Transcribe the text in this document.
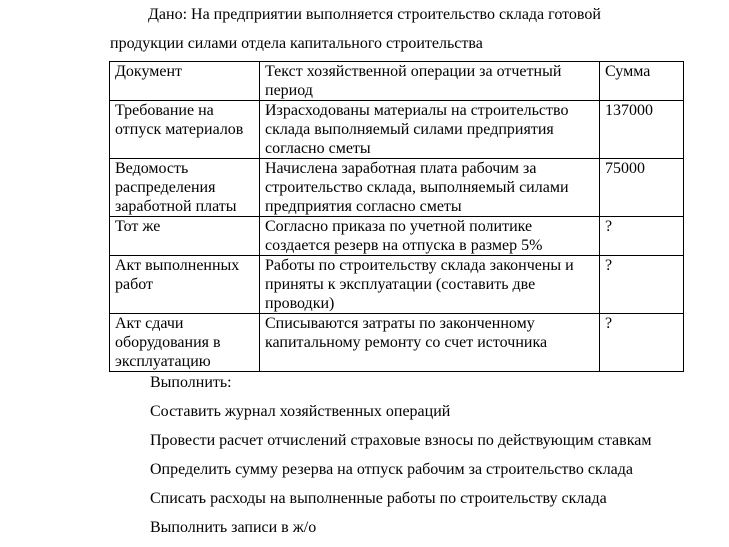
Дано: На предприятии выполняется строительство склада готовой
продукции силами отдела капитального строительства
Документ	Текст хозяйственной операции за отчетный период	Сумма
Требование на отпуск материалов	Израсходованы материалы на строительство склада выполняемый силами предприятия согласно сметы	137000
Ведомость распределения заработной платы	Начислена заработная плата рабочим за строительство склада, выполняемый силами предприятия согласно сметы	75000
Тот же	Согласно приказа по учетной политике создается резерв на отпуска в размер 5%	?
Акт выполненных работ	Работы по строительству склада закончены и приняты к эксплуатации (составить две проводки)	?
Акт сдачи оборудования в эксплуатацию	Списываются затраты по законченному капитальному ремонту со счет источника	?
Выполнить:
Составить журнал хозяйственных операций
Провести расчет отчислений страховые взносы по действующим ставкам
Определить сумму резерва на отпуск рабочим за строительство склада
Списать расходы на выполненные работы по строительству склада
Выполнить записи в ж/о
